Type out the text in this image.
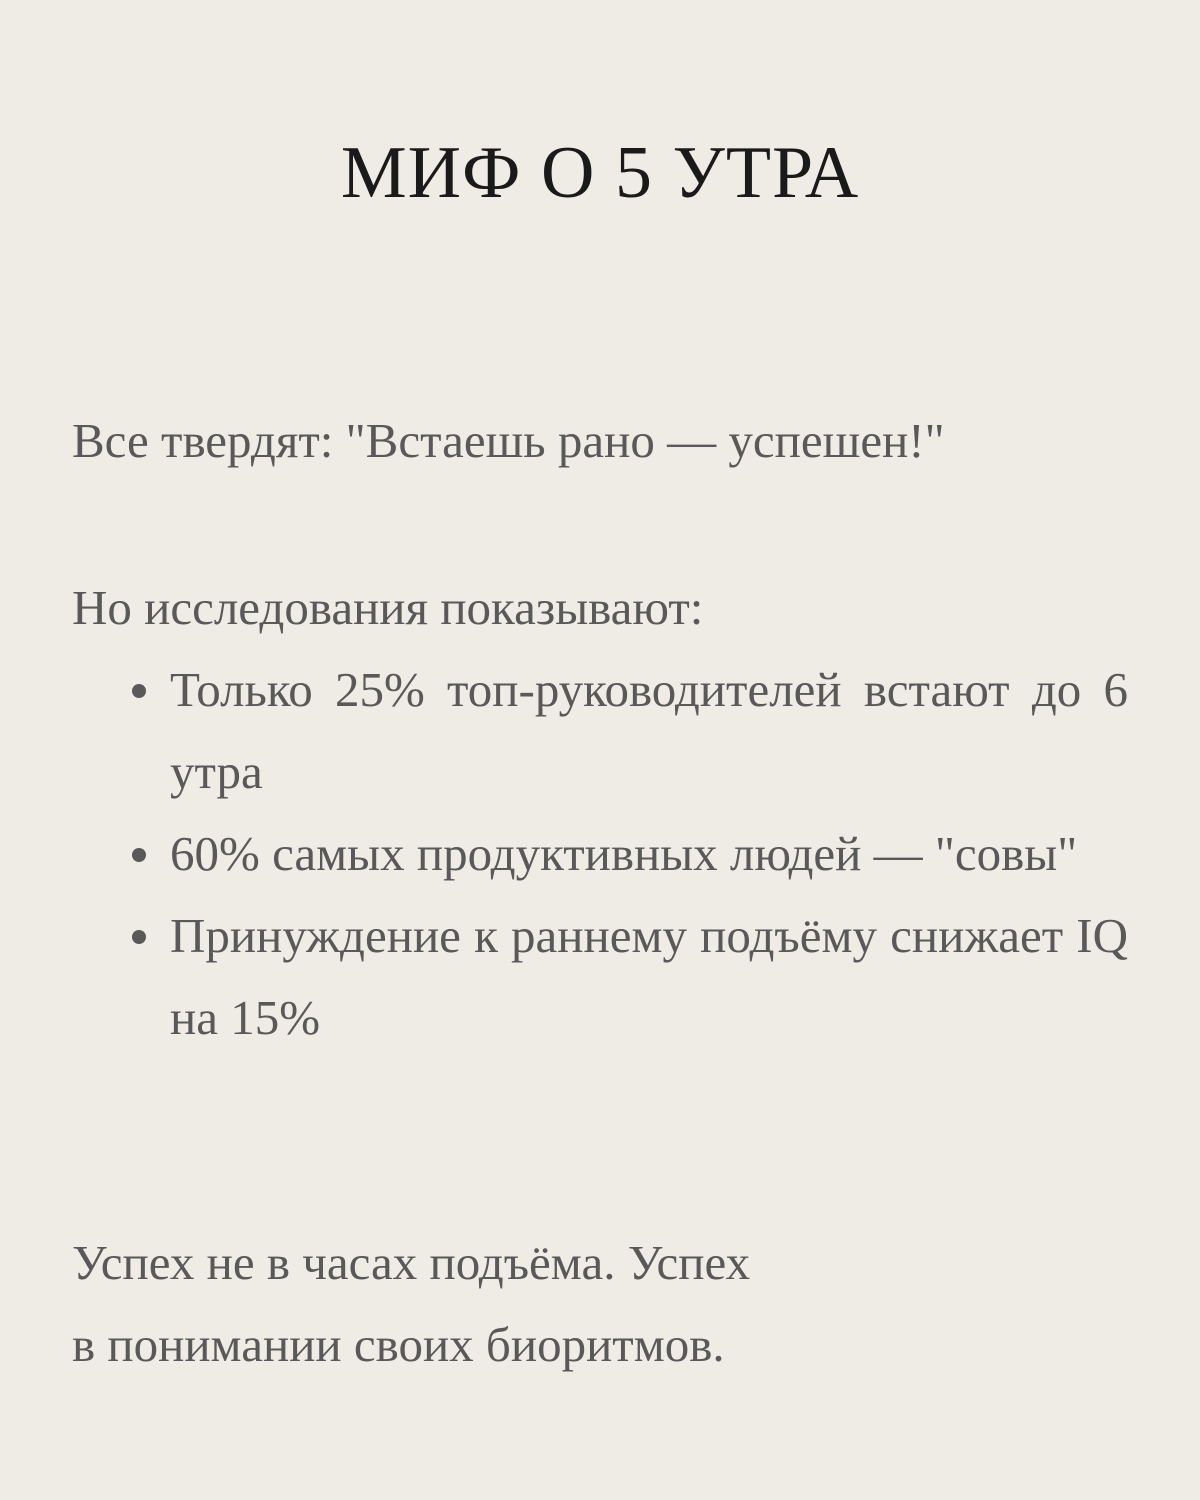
МИФ О 5 УТРА

Все твердят: "Встаешь рано — успешен!"

Но исследования показывают:

Только 25% топ-руководителей встают до 6 утра
60% самых продуктивных людей — "совы"
Принуждение к раннему подъёму снижает IQ на 15%

Успех не в часах подъёма. Успех
в понимании своих биоритмов.
